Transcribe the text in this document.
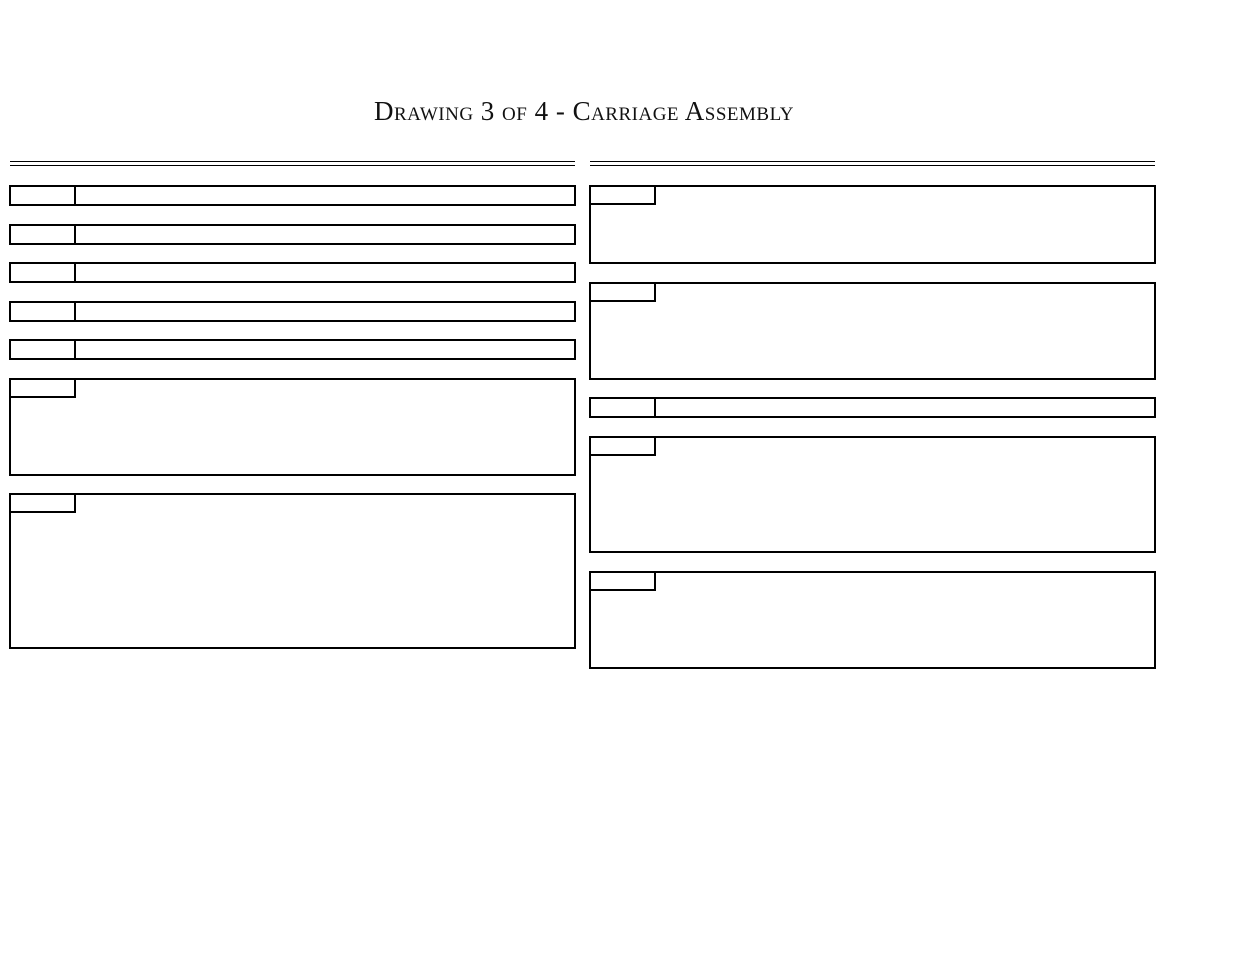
Drawing 3 of 4 - Carriage Assembly
